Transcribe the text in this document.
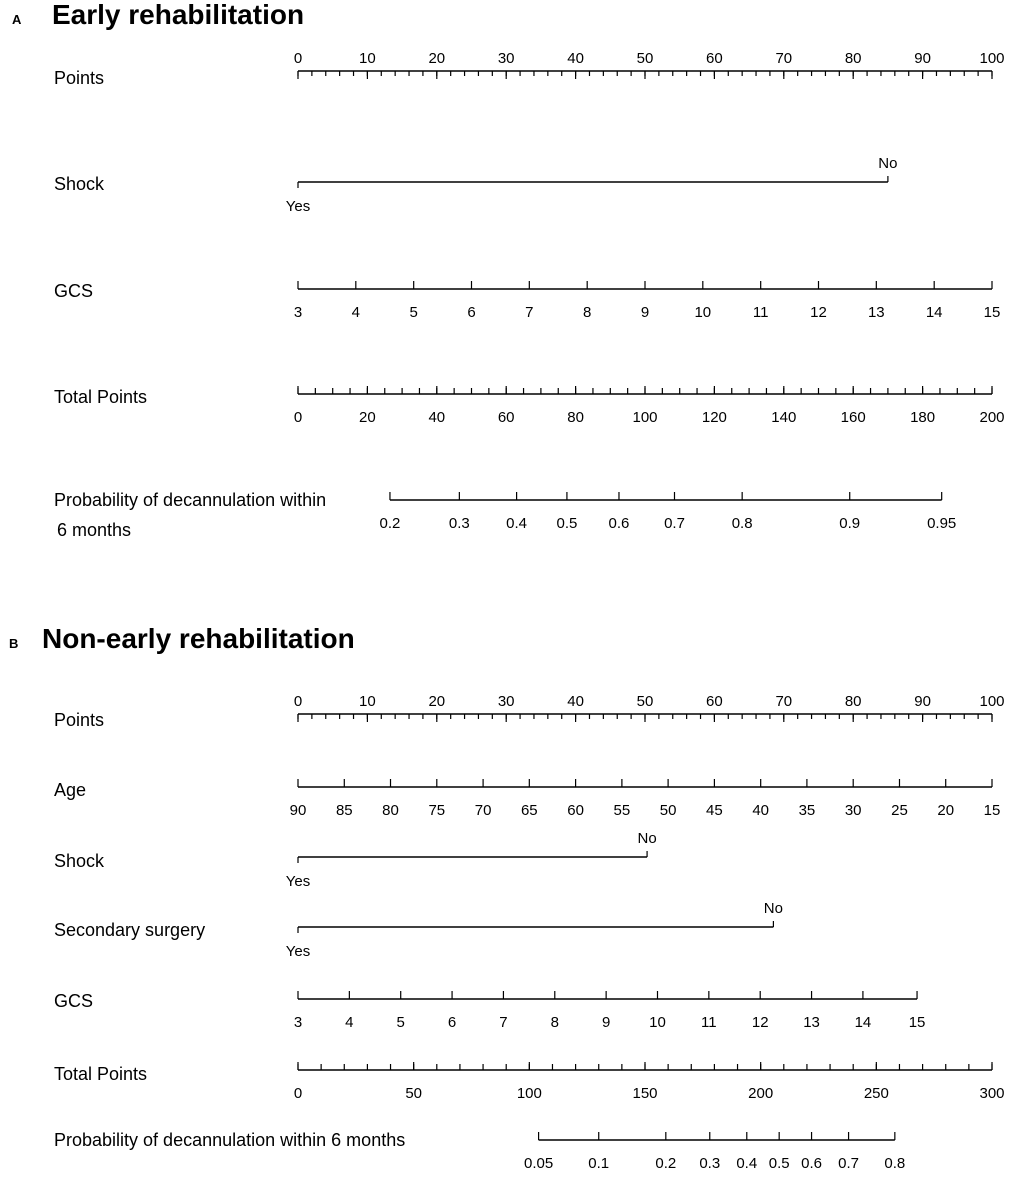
A Early rehabilitation
Points
0	10	20	30	40	50	60	70	80	90	100
Shock
Yes
No
GCS
3	4	5	6	7	8	9	10	11	12	13	14	15
Total Points
0	20	40	60	80	100	120	140	160	180	200
Probability of decannulation within
6 months	0.2	0.3 0.4 0.5 0.6 0.7	0.8	0.9	0.95
B Non-early rehabilitation
Points
0	10	20	30	40	50	60	70	80	90	100
Age
90 85 80 75 70 65 60 55 50 45 40 35 30 25 20 15
Shock
Yes
No
Secondary surgery
Yes
No
GCS
3	4	5	6	7	8	9	10 11 12 13 14 15
Total Points
0	50	100	150	200	250	300
Probability of decannulation within 6 months
0.05 0.1	0.2 0.3 0.4 0.5 0.6 0.7 0.8
